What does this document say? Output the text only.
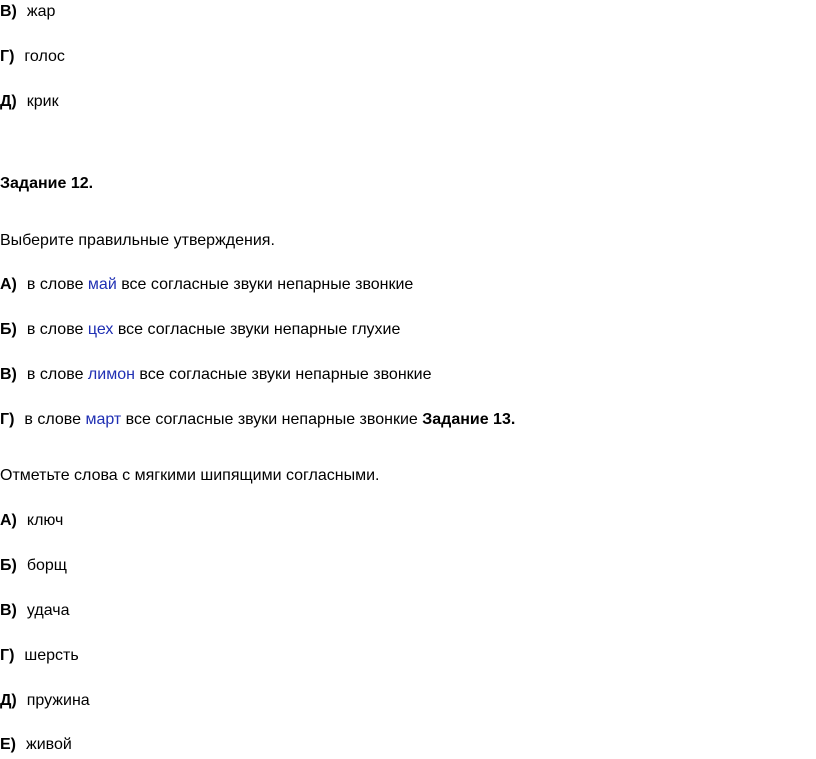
В) жар
Г) голос
Д) крик
Задание 12.
Выберите правильные утверждения.
А) в слове май все согласные звуки непарные звонкие
Б) в слове цех все согласные звуки непарные глухие
В) в слове лимон все согласные звуки непарные звонкие
Г) в слове март все согласные звуки непарные звонкие Задание 13.
Отметьте слова с мягкими шипящими согласными.
А) ключ
Б) борщ
В) удача
Г) шерсть
Д) пружина
Е) живой
